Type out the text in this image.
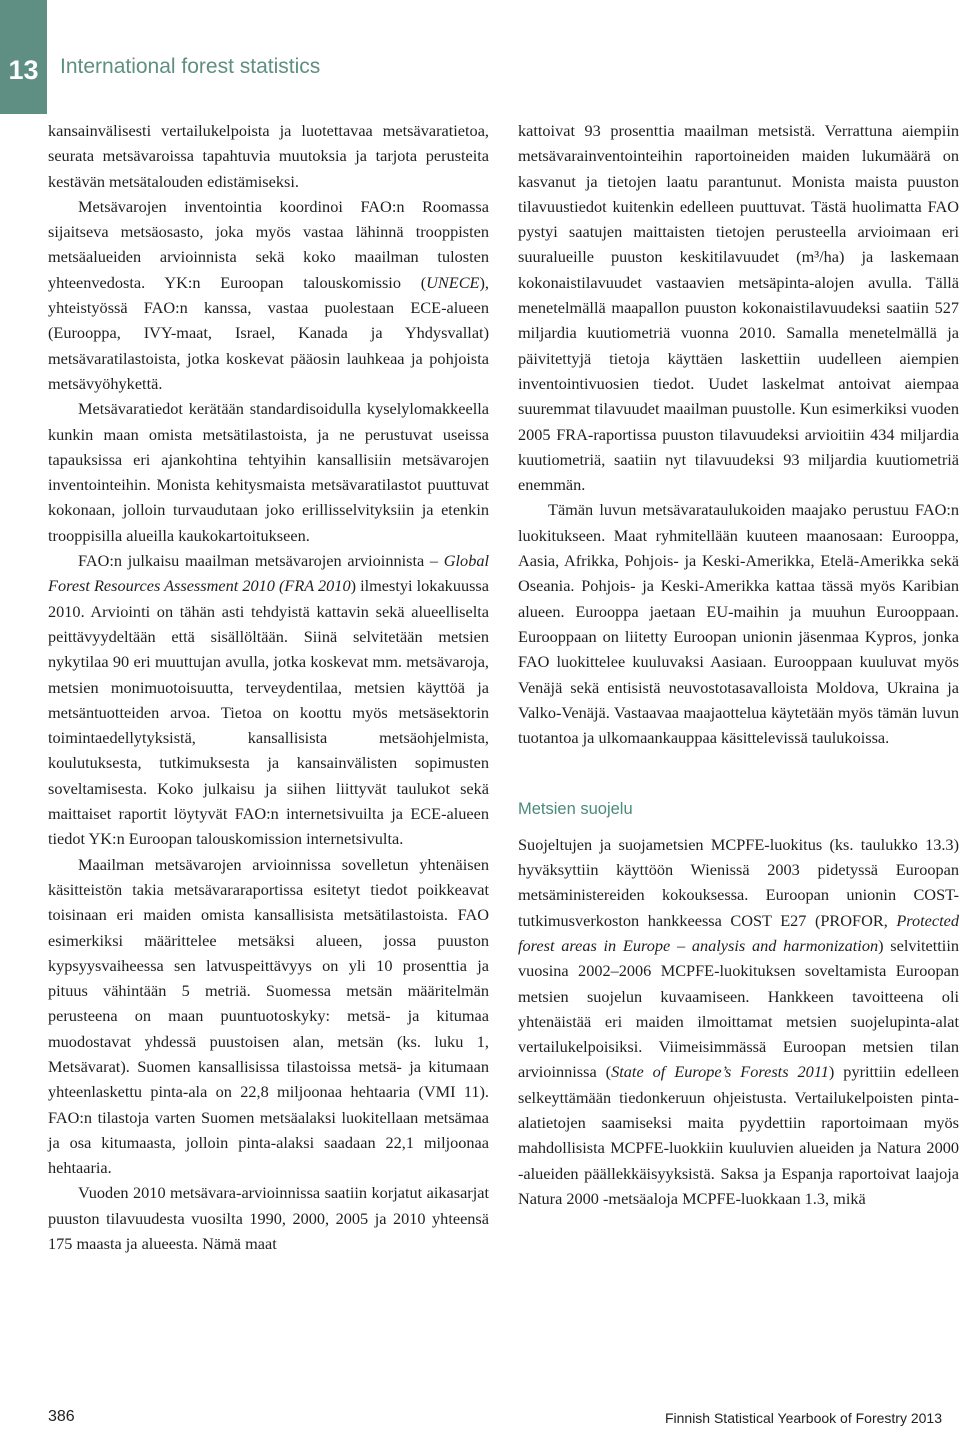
13 International forest statistics

kansainvälisesti vertailukelpoista ja luotettavaa metsävaratietoa, seurata metsävaroissa tapahtuvia muutoksia ja tarjota perusteita kestävän metsätalouden edistämiseksi.

Metsävarojen inventointia koordinoi FAO:n Roomassa sijaitseva metsäosasto, joka myös vastaa lähinnä trooppisten metsäalueiden arvioinnista sekä koko maailman tulosten yhteenvedosta. YK:n Euroopan talouskomissio (UNECE), yhteistyössä FAO:n kanssa, vastaa puolestaan ECE-alueen (Eurooppa, IVY-maat, Israel, Kanada ja Yhdysvallat) metsävaratilastoista, jotka koskevat pääosin lauhkeaa ja pohjoista metsävyöhykettä.

Metsävaratiedot kerätään standardisoidulla kyselylomakkeella kunkin maan omista metsätilastoista, ja ne perustuvat useissa tapauksissa eri ajankohtina tehtyihin kansallisiin metsävarojen inventointeihin. Monista kehitysmaista metsävaratilastot puuttuvat kokonaan, jolloin turvaudutaan joko erillisselvityksiin ja etenkin trooppisilla alueilla kaukokartoitukseen.

FAO:n julkaisu maailman metsävarojen arvioinnista – Global Forest Resources Assessment 2010 (FRA 2010) ilmestyi lokakuussa 2010. Arviointi on tähän asti tehdyistä kattavin sekä alueelliselta peittävyydeltään että sisällöltään. Siinä selvitetään metsien nykytilaa 90 eri muuttujan avulla, jotka koskevat mm. metsävaroja, metsien monimuotoisuutta, terveydentilaa, metsien käyttöä ja metsäntuotteiden arvoa. Tietoa on koottu myös metsäsektorin toimintaedellytyksistä, kansallisista metsäohjelmista, koulutuksesta, tutkimuksesta ja kansainvälisten sopimusten soveltamisesta. Koko julkaisu ja siihen liittyvät taulukot sekä maittaiset raportit löytyvät FAO:n internetsivuilta ja ECE-alueen tiedot YK:n Euroopan talouskomission internetsivulta.

Maailman metsävarojen arvioinnissa sovelletun yhtenäisen käsitteistön takia metsävararaportissa esitetyt tiedot poikkeavat toisinaan eri maiden omista kansallisista metsätilastoista. FAO esimerkiksi määrittelee metsäksi alueen, jossa puuston kypsyysvaiheessa sen latvuspeittävyys on yli 10 prosenttia ja pituus vähintään 5 metriä. Suomessa metsän määritelmän perusteena on maan puuntuotoskyky: metsä- ja kitumaa muodostavat yhdessä puustoisen alan, metsän (ks. luku 1, Metsävarat). Suomen kansallisissa tilastoissa metsä- ja kitumaan yhteenlaskettu pinta-ala on 22,8 miljoonaa hehtaaria (VMI 11). FAO:n tilastoja varten Suomen metsäalaksi luokitellaan metsämaa ja osa kitumaasta, jolloin pinta-alaksi saadaan 22,1 miljoonaa hehtaaria.

Vuoden 2010 metsävara-arvioinnissa saatiin korjatut aikasarjat puuston tilavuudesta vuosilta 1990, 2000, 2005 ja 2010 yhteensä 175 maasta ja alueesta. Nämä maat

kattoivat 93 prosenttia maailman metsistä. Verrattuna aiempiin metsävarainventointeihin raportoineiden maiden lukumäärä on kasvanut ja tietojen laatu parantunut. Monista maista puuston tilavuustiedot kuitenkin edelleen puuttuvat. Tästä huolimatta FAO pystyi saatujen maittaisten tietojen perusteella arvioimaan eri suuralueille puuston keskitilavuudet (m³/ha) ja laskemaan kokonaistilavuudet vastaavien metsäpinta-alojen avulla. Tällä menetelmällä maapallon puuston kokonaistilavuudeksi saatiin 527 miljardia kuutiometriä vuonna 2010. Samalla menetelmällä ja päivitettyjä tietoja käyttäen laskettiin uudelleen aiempien inventointivuosien tiedot. Uudet laskelmat antoivat aiempaa suuremmat tilavuudet maailman puustolle. Kun esimerkiksi vuoden 2005 FRA-raportissa puuston tilavuudeksi arvioitiin 434 miljardia kuutiometriä, saatiin nyt tilavuudeksi 93 miljardia kuutiometriä enemmän.

Tämän luvun metsävarataulukoiden maajako perustuu FAO:n luokitukseen. Maat ryhmitellään kuuteen maanosaan: Eurooppa, Aasia, Afrikka, Pohjois- ja Keski-Amerikka, Etelä-Amerikka sekä Oseania. Pohjois- ja Keski-Amerikka kattaa tässä myös Karibian alueen. Eurooppa jaetaan EU-maihin ja muuhun Eurooppaan. Eurooppaan on liitetty Euroopan unionin jäsenmaa Kypros, jonka FAO luokittelee kuuluvaksi Aasiaan. Eurooppaan kuuluvat myös Venäjä sekä entisistä neuvostotasavalloista Moldova, Ukraina ja Valko-Venäjä. Vastaavaa maajaottelua käytetään myös tämän luvun tuotantoa ja ulkomaankauppaa käsittelevissä taulukoissa.

Metsien suojelu

Suojeltujen ja suojametsien MCPFE-luokitus (ks. taulukko 13.3) hyväksyttiin käyttöön Wienissä 2003 pidetyssä Euroopan metsäministereiden kokouksessa. Euroopan unionin COST-tutkimusverkoston hankkeessa COST E27 (PROFOR, Protected forest areas in Europe – analysis and harmonization) selvitettiin vuosina 2002–2006 MCPFE-luokituksen soveltamista Euroopan metsien suojelun kuvaamiseen. Hankkeen tavoitteena oli yhtenäistää eri maiden ilmoittamat metsien suojelupinta-alat vertailukelpoisiksi. Viimeisimmässä Euroopan metsien tilan arvioinnissa (State of Europe’s Forests 2011) pyrittiin edelleen selkeyttämään tiedonkeruun ohjeistusta. Vertailukelpoisten pinta-alatietojen saamiseksi maita pyydettiin raportoimaan myös mahdollisista MCPFE-luokkiin kuuluvien alueiden ja Natura 2000 -alueiden päällekkäisyyksistä. Saksa ja Espanja raportoivat laajoja Natura 2000 -metsäaloja MCPFE-luokkaan 1.3, mikä

386	Finnish Statistical Yearbook of Forestry 2013
